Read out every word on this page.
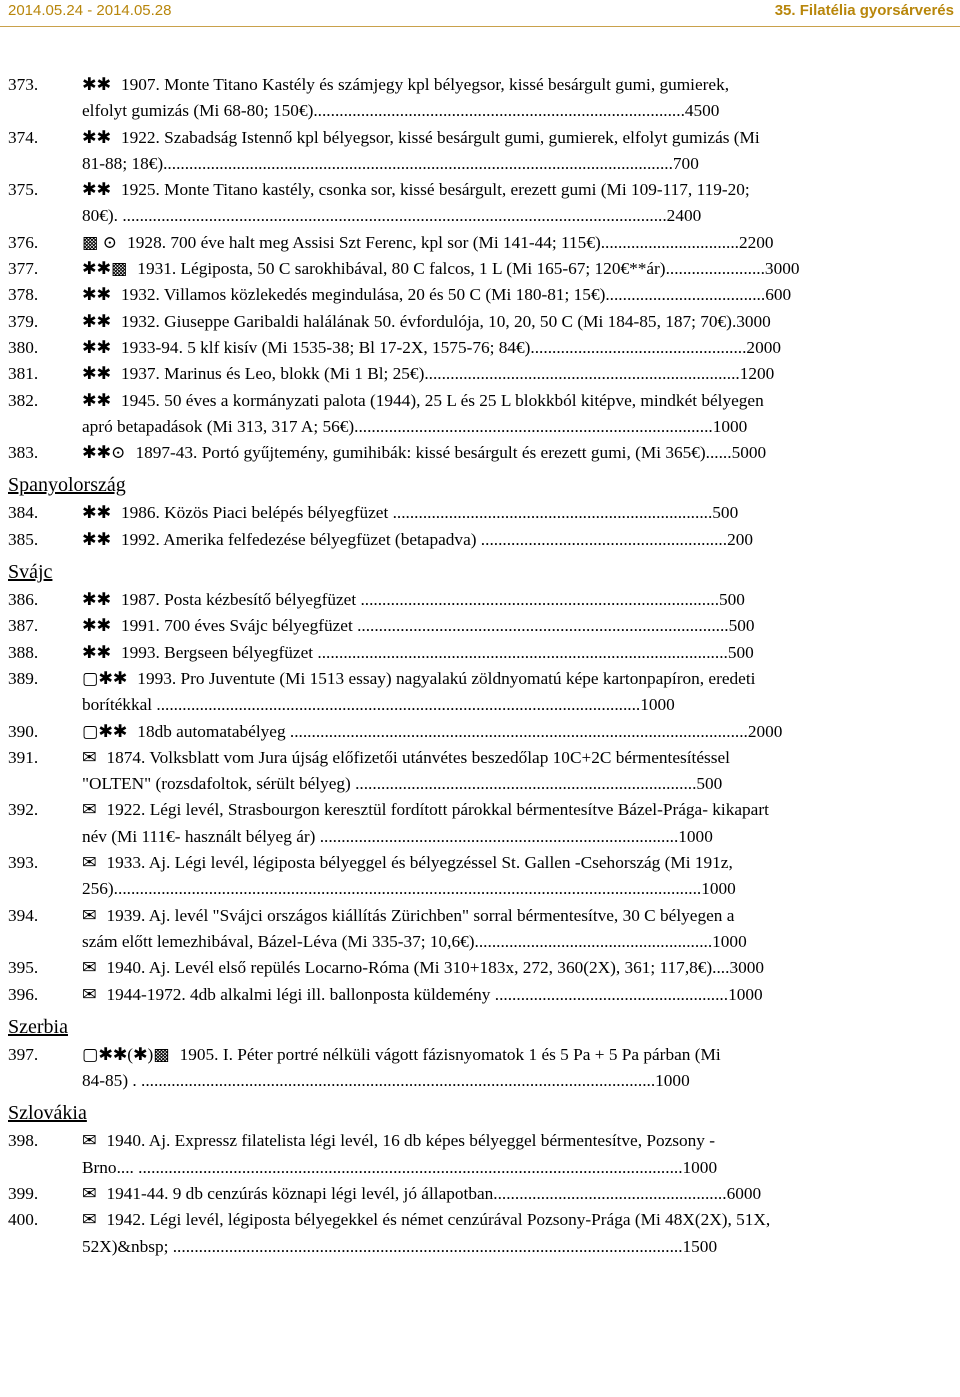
2014.05.24 - 2014.05.28	35. Filatélia gyorsárverés
373.	✱✱ 1907. Monte Titano Kastély és számjegy kpl bélyegsor, kissé besárgult gumi, gumierek,
elfolyt gumizás (Mi 68-80; 150€)......................................................................................4500
374.	✱✱ 1922. Szabadság Istennő kpl bélyegsor, kissé besárgult gumi, gumierek, elfolyt gumizás (Mi
81-88; 18€)......................................................................................................................700
375.	✱✱ 1925. Monte Titano kastély, csonka sor, kissé besárgult, erezett gumi (Mi 109-117, 119-20;
80€). ..............................................................................................................................2400
376.	▩ ⊙ 1928. 700 éve halt meg Assisi Szt Ferenc, kpl sor (Mi 141-44; 115€)................................2200
377.	✱✱▩ 1931. Légiposta, 50 C sarokhibával, 80 C falcos, 1 L (Mi 165-67; 120€**ár).......................3000
378.	✱✱ 1932. Villamos közlekedés megindulása, 20 és 50 C (Mi 180-81; 15€).....................................600
379.	✱✱ 1932. Giuseppe Garibaldi halálának 50. évfordulója, 10, 20, 50 C (Mi 184-85, 187; 70€).3000
380.	✱✱ 1933-94. 5 klf kisív (Mi 1535-38; Bl 17-2X, 1575-76; 84€)..................................................2000
381.	✱✱ 1937. Marinus és Leo, blokk (Mi 1 Bl; 25€).........................................................................1200
382.	✱✱ 1945. 50 éves a kormányzati palota (1944), 25 L és 25 L blokkból kitépve, mindkét bélyegen
apró betapadások (Mi 313, 317 A; 56€)...................................................................................1000
383.	✱✱⊙ 1897-43. Portó gyűjtemény, gumihibák: kissé besárgult és erezett gumi, (Mi 365€)......5000
Spanyolország
384.	✱✱ 1986. Közös Piaci belépés bélyegfüzet ..........................................................................500
385.	✱✱ 1992. Amerika felfedezése bélyegfüzet (betapadva) .........................................................200
Svájc
386.	✱✱ 1987. Posta kézbesítő bélyegfüzet ...................................................................................500
387.	✱✱ 1991. 700 éves Svájc bélyegfüzet ......................................................................................500
388.	✱✱ 1993. Bergseen bélyegfüzet ...............................................................................................500
389.	▢✱✱ 1993. Pro Juventute (Mi 1513 essay) nagyalakú zöldnyomatú képe kartonpapíron, eredeti
borítékkal ................................................................................................................1000
390.	▢✱✱ 18db automatabélyeg ..........................................................................................................2000
391.	✉ 1874. Volksblatt vom Jura újság előfizetői utánvétes beszedőlap 10C+2C bérmentesítéssel
"OLTEN" (rozsdafoltok, sérült bélyeg) ...............................................................................500
392.	✉ 1922. Légi levél, Strasbourgon keresztül fordított párokkal bérmentesítve Bázel-Prága- kikapart
név (Mi 111€- használt bélyeg ár) ...................................................................................1000
393.	✉ 1933. Aj. Légi levél, légiposta bélyeggel és bélyegzéssel St. Gallen -Csehország (Mi 191z,
256)........................................................................................................................................1000
394.	✉ 1939. Aj. levél "Svájci országos kiállítás Zürichben" sorral bérmentesítve, 30 C bélyegen a
szám előtt lemezhibával, Bázel-Léva (Mi 335-37; 10,6€).......................................................1000
395.	✉ 1940. Aj. Levél első repülés Locarno-Róma (Mi 310+183x, 272, 360(2X), 361; 117,8€)....3000
396.	✉ 1944-1972. 4db alkalmi légi ill. ballonposta küldemény ......................................................1000
Szerbia
397.	▢✱✱(✱)▩ 1905. I. Péter portré nélküli vágott fázisnyomatok 1 és 5 Pa + 5 Pa párban (Mi
84-85) . .......................................................................................................................1000
Szlovákia
398.	✉ 1940. Aj. Expressz filatelista légi levél, 16 db képes bélyeggel bérmentesítve, Pozsony -
Brno.... ..............................................................................................................................1000
399.	✉ 1941-44. 9 db cenzúrás köznapi légi levél, jó állapotban......................................................6000
400.	✉ 1942. Légi levél, légiposta bélyegekkel és német cenzúrával Pozsony-Prága (Mi 48X(2X), 51X,
52X)&nbsp; ......................................................................................................................1500
